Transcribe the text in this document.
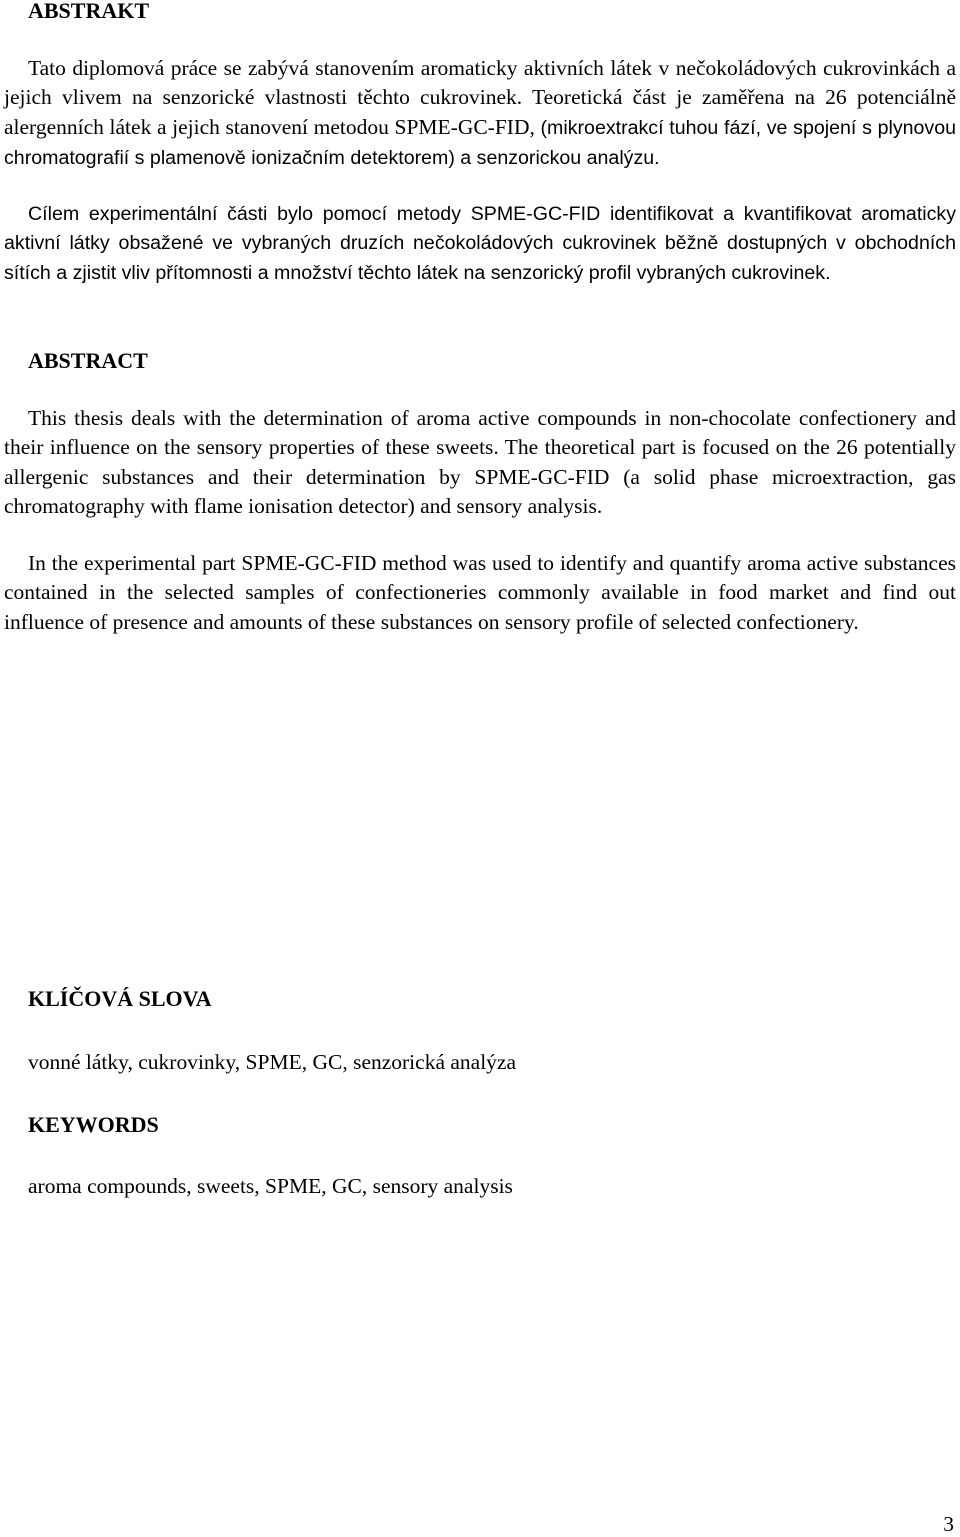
ABSTRAKT

Tato diplomová práce se zabývá stanovením aromaticky aktivních látek v nečokoládových cukrovinkách a jejich vlivem na senzorické vlastnosti těchto cukrovinek. Teoretická část je zaměřena na 26 potenciálně alergenních látek a jejich stanovení metodou SPME-GC-FID, (mikroextrakcí tuhou fází, ve spojení s plynovou chromatografií s plamenově ionizačním detektorem) a senzorickou analýzu.

Cílem experimentální části bylo pomocí metody SPME-GC-FID identifikovat a kvantifikovat aromaticky aktivní látky obsažené ve vybraných druzích nečokoládových cukrovinek běžně dostupných v obchodních sítích a zjistit vliv přítomnosti a množství těchto látek na senzorický profil vybraných cukrovinek.

ABSTRACT

This thesis deals with the determination of aroma active compounds in non-chocolate confectionery and their influence on the sensory properties of these sweets. The theoretical part is focused on the 26 potentially allergenic substances and their determination by SPME-GC-FID (a solid phase microextraction, gas chromatography with flame ionisation detector) and sensory analysis.

In the experimental part SPME-GC-FID method was used to identify and quantify aroma active substances contained in the selected samples of confectioneries commonly available in food market and find out influence of presence and amounts of these substances on sensory profile of selected confectionery.

KLÍČOVÁ SLOVA

vonné látky, cukrovinky, SPME, GC, senzorická analýza

KEYWORDS

aroma compounds, sweets, SPME, GC, sensory analysis

3
